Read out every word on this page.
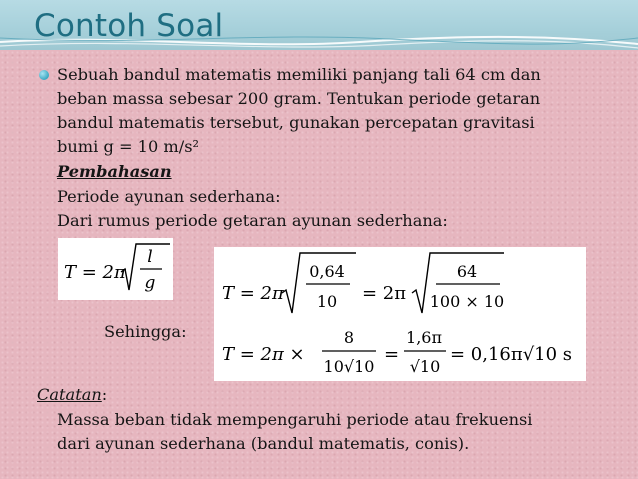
Contoh Soal
Sebuah bandul matematis memiliki panjang tali 64 cm dan
beban massa sebesar 200 gram. Tentukan periode getaran
bandul matematis tersebut, gunakan percepatan gravitasi
bumi g = 10 m/s²
Pembahasan
Periode ayunan sederhana:
Dari rumus periode getaran ayunan sederhana:
T = 2π
l
g	T = 2π
0,64
10 = 2π
64
100 × 10
T = 2π ×
8
10√10
=
1,6π
√10
= 0,16π√10 s
Sehingga:
Catatan:
Massa beban tidak mempengaruhi periode atau frekuensi
dari ayunan sederhana (bandul matematis, conis).
